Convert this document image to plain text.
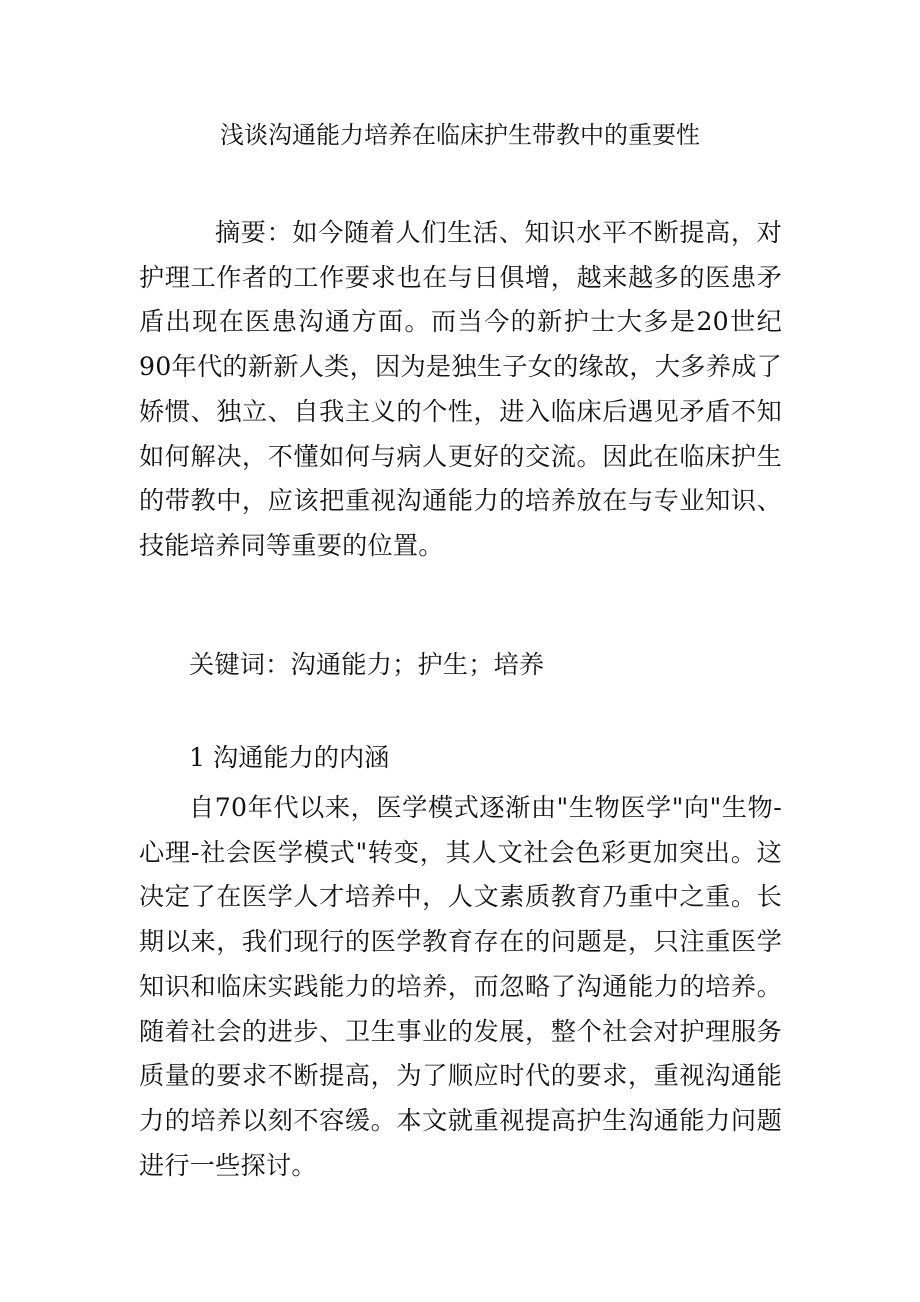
浅谈沟通能力培养在临床护生带教中的重要性

摘要：如今随着人们生活、知识水平不断提高，对护理工作者的工作要求也在与日俱增，越来越多的医患矛盾出现在医患沟通方面。而当今的新护士大多是20世纪90年代的新新人类，因为是独生子女的缘故，大多养成了娇惯、独立、自我主义的个性，进入临床后遇见矛盾不知如何解决，不懂如何与病人更好的交流。因此在临床护生的带教中，应该把重视沟通能力的培养放在与专业知识、技能培养同等重要的位置。

关键词：沟通能力；护生；培养

1 沟通能力的内涵

自70年代以来，医学模式逐渐由"生物医学"向"生物-心理-社会医学模式"转变，其人文社会色彩更加突出。这决定了在医学人才培养中，人文素质教育乃重中之重。长期以来，我们现行的医学教育存在的问题是，只注重医学知识和临床实践能力的培养，而忽略了沟通能力的培养。随着社会的进步、卫生事业的发展，整个社会对护理服务质量的要求不断提高，为了顺应时代的要求，重视沟通能力的培养以刻不容缓。本文就重视提高护生沟通能力问题进行一些探讨。
